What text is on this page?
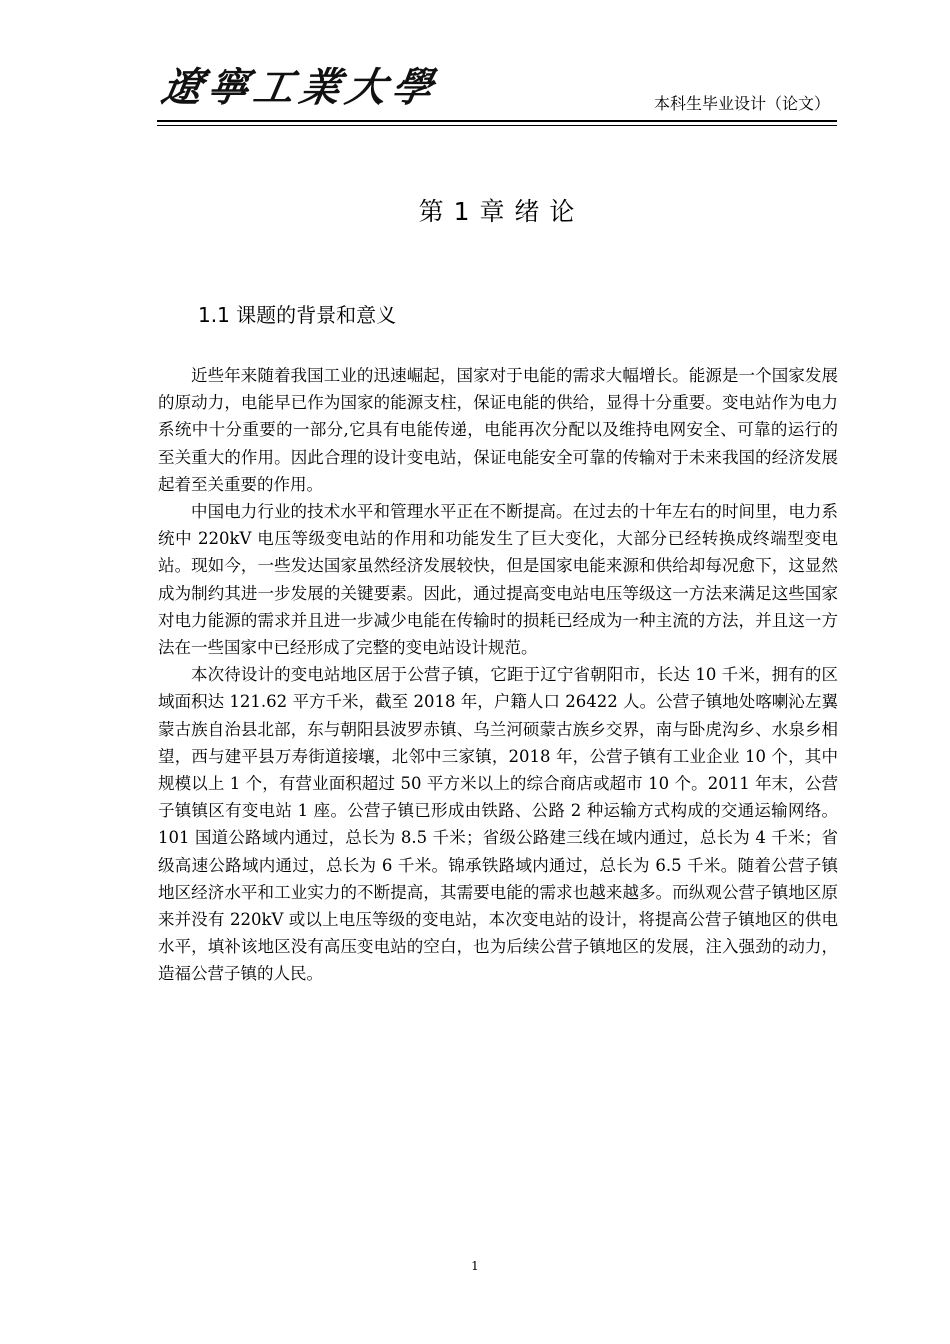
遼寧工業大學	本科生毕业设计（论文）

第 1 章 绪 论
1.1 课题的背景和意义

近些年来随着我国工业的迅速崛起，国家对于电能的需求大幅增长。能源是一个国家发展的原动力，电能早已作为国家的能源支柱，保证电能的供给，显得十分重要。变电站作为电力系统中十分重要的一部分,它具有电能传递，电能再次分配以及维持电网安全、可靠的运行的至关重大的作用。因此合理的设计变电站，保证电能安全可靠的传输对于未来我国的经济发展起着至关重要的作用。

中国电力行业的技术水平和管理水平正在不断提高。在过去的十年左右的时间里，电力系统中 220kV 电压等级变电站的作用和功能发生了巨大变化，大部分已经转换成终端型变电站。现如今，一些发达国家虽然经济发展较快，但是国家电能来源和供给却每况愈下，这显然成为制约其进一步发展的关键要素。因此，通过提高变电站电压等级这一方法来满足这些国家对电力能源的需求并且进一步减少电能在传输时的损耗已经成为一种主流的方法，并且这一方法在一些国家中已经形成了完整的变电站设计规范。

本次待设计的变电站地区居于公营子镇，它距于辽宁省朝阳市，长达 10 千米，拥有的区域面积达 121.62 平方千米，截至 2018 年，户籍人口 26422 人。公营子镇地处喀喇沁左翼蒙古族自治县北部，东与朝阳县波罗赤镇、乌兰河硕蒙古族乡交界，南与卧虎沟乡、水泉乡相望，西与建平县万寿街道接壤，北邻中三家镇，2018 年，公营子镇有工业企业 10 个，其中规模以上 1 个，有营业面积超过 50 平方米以上的综合商店或超市 10 个。2011 年末，公营子镇镇区有变电站 1 座。公营子镇已形成由铁路、公路 2 种运输方式构成的交通运输网络。101 国道公路域内通过，总长为 8.5 千米；省级公路建三线在域内通过，总长为 4 千米；省级高速公路域内通过，总长为 6 千米。锦承铁路域内通过，总长为 6.5 千米。随着公营子镇地区经济水平和工业实力的不断提高，其需要电能的需求也越来越多。而纵观公营子镇地区原来并没有 220kV 或以上电压等级的变电站，本次变电站的设计，将提高公营子镇地区的供电水平，填补该地区没有高压变电站的空白，也为后续公营子镇地区的发展，注入强劲的动力，造福公营子镇的人民。

1
